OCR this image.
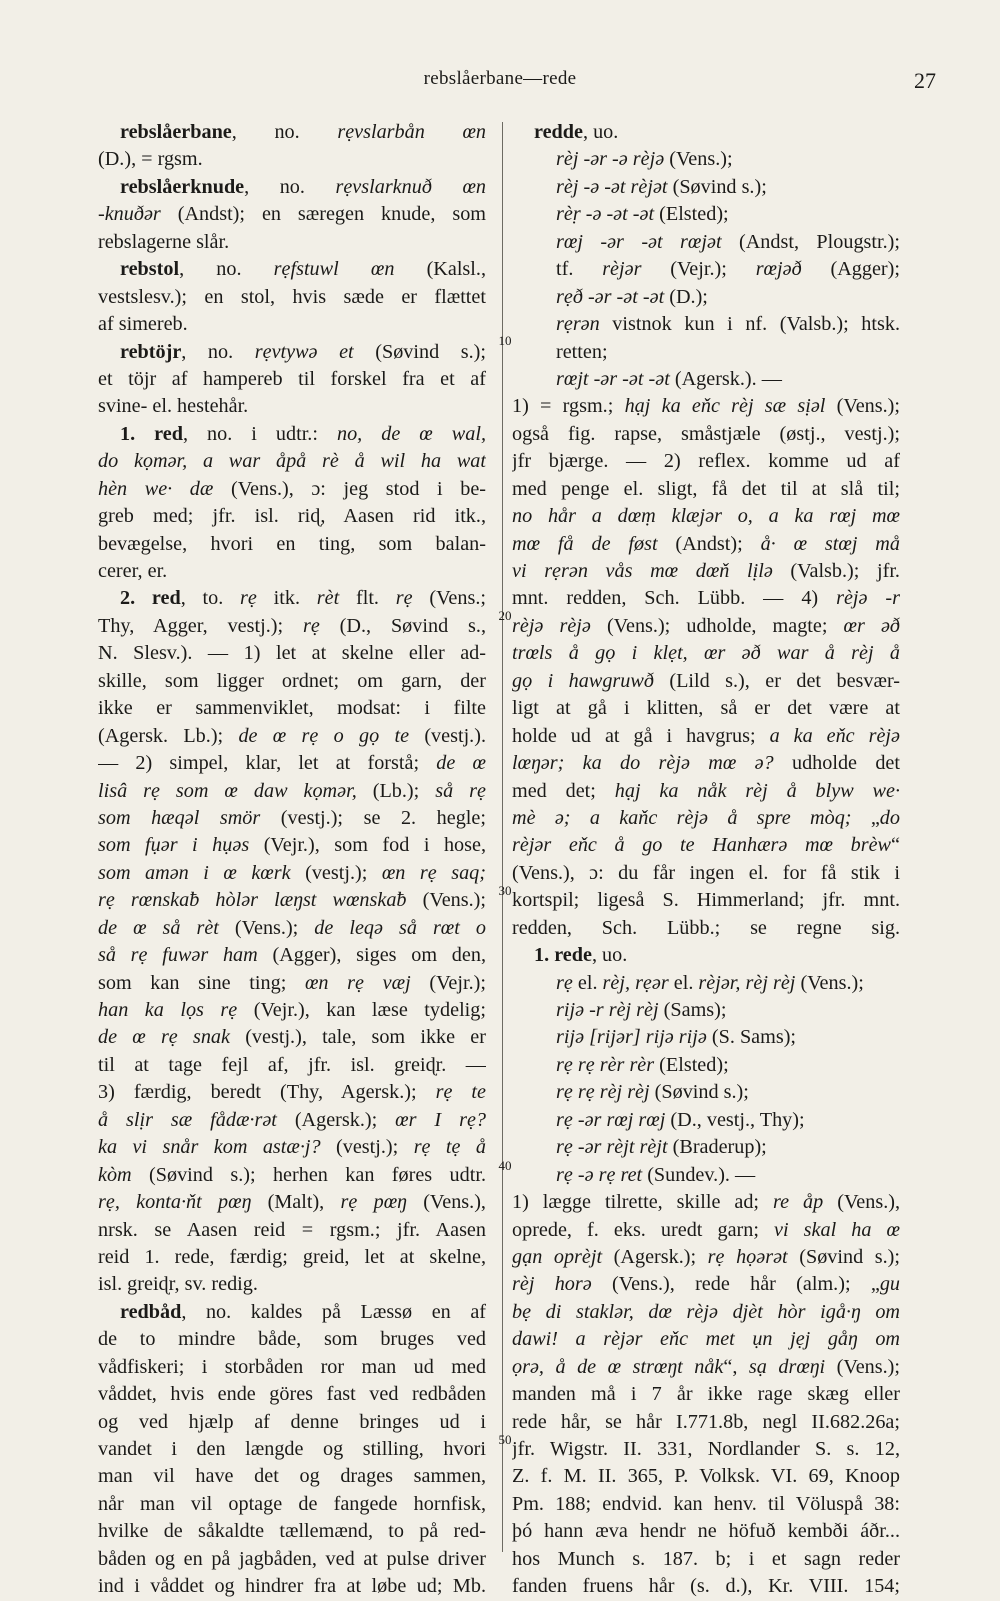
rebslåerbane—rede	27
rebslåerbane, no. rẹvslarbån œn
(D.), = rgsm.
rebslåerknude, no. rẹvslarknuð œn
-knuðər (Andst); en særegen knude, som
rebslagerne slår.
rebstol, no. rẹfstuwl œn (Kalsl.,
vestslesv.); en stol, hvis sæde er flættet
af simereb.
rebtöjr, no. rẹvtywə et (Søvind s.);
et töjr af hampereb til forskel fra et af
svine- el. hestehår.
1. red, no. i udtr.: no, de œ wal,
do kọmər, a war åpå rè å wil ha wat
hèn we· dæ (Vens.), ɔ: jeg stod i be-
greb med; jfr. isl. riɖ, Aasen rid itk.,
bevægelse, hvori en ting, som balan-
cerer, er.
2. red, to. rẹ itk. rèt flt. rẹ (Vens.;
Thy, Agger, vestj.); rẹ (D., Søvind s.,
N. Slesv.). — 1) let at skelne eller ad-
skille, som ligger ordnet; om garn, der
ikke er sammenviklet, modsat: i filte
(Agersk. Lb.); de œ rẹ o gọ te (vestj.).
— 2) simpel, klar, let at forstå; de œ
lisâ rẹ som œ daw kọmər, (Lb.); så rẹ
som hæqəl smör (vestj.); se 2. hegle;
som fụər i hụəs (Vejr.), som fod i hose,
som amən i œ kœrk (vestj.); œn rẹ saq;
rẹ rœnskaƀ hòlər læŋst wœnskaƀ (Vens.);
de œ så rèt (Vens.); de leqə så rœt o
så rẹ fuwər ham (Agger), siges om den,
som kan sine ting; œn rẹ væj (Vejr.);
han ka lọs rẹ (Vejr.), kan læse tydelig;
de œ rẹ snak (vestj.), tale, som ikke er
til at tage fejl af, jfr. isl. greiɖr. —
3) færdig, beredt (Thy, Agersk.); rẹ te
å slịr sæ fådæ·rət (Agersk.); œr I rẹ?
ka vi snår kom astæ·j? (vestj.); rẹ tẹ å
kòm (Søvind s.); herhen kan føres udtr.
rẹ, konta·ňt pœŋ (Malt), rẹ pœŋ (Vens.),
nrsk. se Aasen reid = rgsm.; jfr. Aasen
reid 1. rede, færdig; greid, let at skelne,
isl. greiɖr, sv. redig.
redbåd, no. kaldes på Læssø en af
de to mindre både, som bruges ved
vådfiskeri; i storbåden ror man ud med
våddet, hvis ende göres fast ved redbåden
og ved hjælp af denne bringes ud i
vandet i den længde og stilling, hvori
man vil have det og drages sammen,
når man vil optage de fangede hornfisk,
hvilke de såkaldte tællemænd, to på red-
båden og en på jagbåden, ved at pulse driver
ind i våddet og hindrer fra at løbe ud; Mb.
redde, uo.
rèj -ər -ə rèjə (Vens.);
rèj -ə -ət rèjət (Søvind s.);
rèṛ -ə -ət -ət (Elsted);
rœj -ər -ət rœjət (Andst, Plougstr.);
tf. rèjər (Vejr.); rœjəð (Agger);
rẹð -ər -ət -ət (D.);
rẹrən vistnok kun i nf. (Valsb.); htsk.
retten;
rœjt -ər -ət -ət (Agersk.). —
1) = rgsm.; hạj ka eňc rèj sæ sịəl (Vens.);
også fig. rapse, småstjæle (østj., vestj.);
jfr bjærge. — 2) reflex. komme ud af
med penge el. sligt, få det til at slå til;
no hår a dœṃ klæjər o, a ka rœj mœ
mœ få de føst (Andst); å· œ stœj må
vi rẹrən vås mœ dœň lịlə (Valsb.); jfr.
mnt. redden, Sch. Lübb. — 4) rèjə -r
rèjə rèjə (Vens.); udholde, magte; œr əð
trœls å gọ i klẹt, œr əð war å rèj å
gọ i hawgruwð (Lild s.), er det besvær-
ligt at gå i klitten, så er det være at
holde ud at gå i havgrus; a ka eňc rèjə
lœŋər; ka do rèjə mœ ə? udholde det
med det; hạj ka nåk rèj å blyw we·
mè ə; a kaňc rèjə å spre mòq; „do
rèjər eňc å go te Hanhærə mœ brèw“
(Vens.), ɔ: du får ingen el. for få stik i
kortspil; ligeså S. Himmerland; jfr. mnt.
redden, Sch. Lübb.; se regne sig.
1. rede, uo.
rẹ el. rèj, rẹər el. rèjər, rèj rèj (Vens.);
rijə -r rèj rèj (Sams);
rijə [rijər] rijə rijə (S. Sams);
rẹ rẹ rèr rèr (Elsted);
rẹ rẹ rèj rèj (Søvind s.);
rẹ -ər rœj rœj (D., vestj., Thy);
rẹ -ər rèjt rèjt (Braderup);
rẹ -ə rẹ ret (Sundev.). —
1) lægge tilrette, skille ad; re åp (Vens.),
oprede, f. eks. uredt garn; vi skal ha œ
gạn oprèjt (Agersk.); rẹ họərət (Søvind s.);
rèj horə (Vens.), rede hår (alm.); „gu
bẹ di staklər, dœ rèjə djèt hòr igå·ŋ om
dawi! a rèjər eňc met ụn jẹj gåŋ om
ọrə, å de œ strœŋt nåk“, sạ drœŋi (Vens.);
manden må i 7 år ikke rage skæg eller
rede hår, se hår I.771.8b, negl II.682.26a;
jfr. Wigstr. II. 331, Nordlander S. s. 12,
Z. f. M. II. 365, P. Volksk. VI. 69, Knoop
Pm. 188; endvid. kan henv. til Völuspå 38:
þó hann æva hendr ne höfuð kembði áðr...
hos Munch s. 187. b; i et sagn reder
fanden fruens hår (s. d.), Kr. VIII. 154;
10
20
30
40
50
